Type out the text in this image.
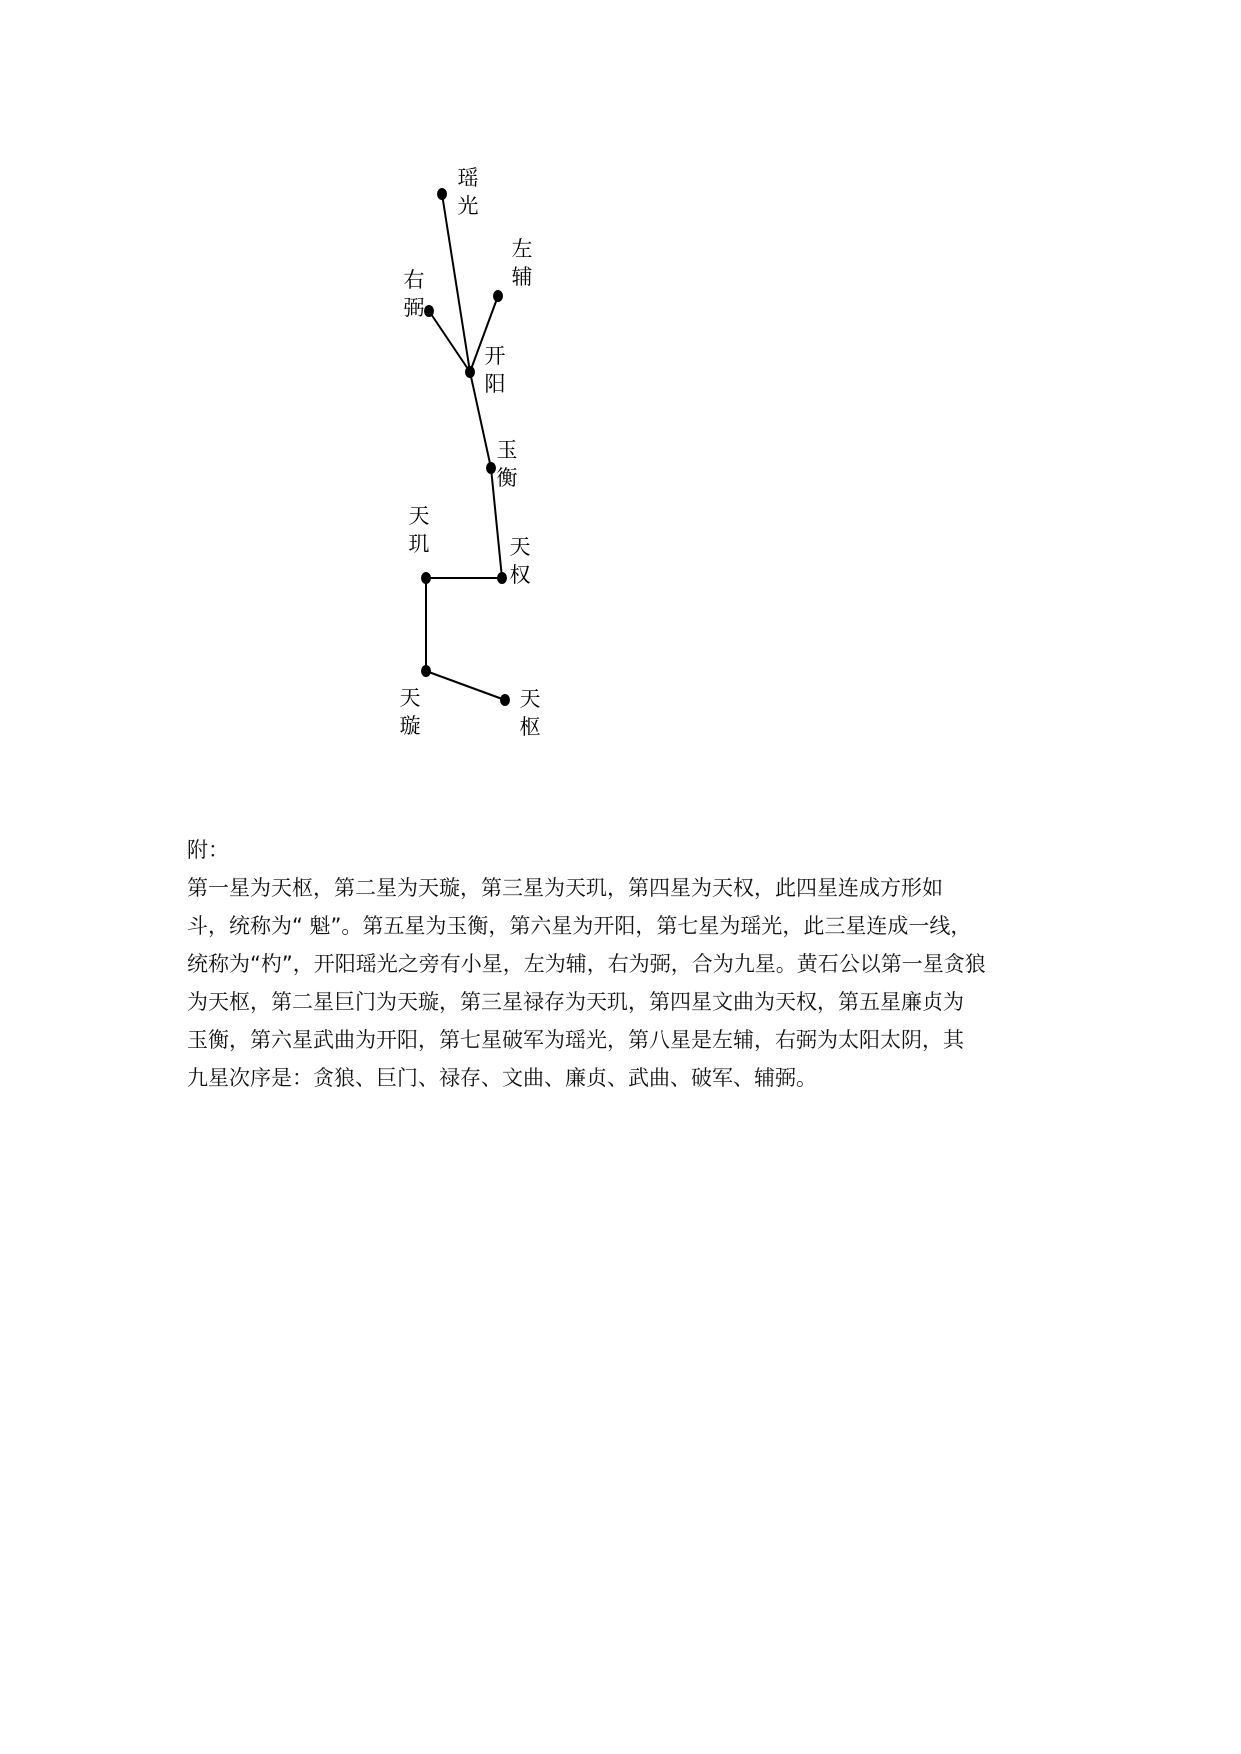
瑶光
左辅
右弼
开阳
玉衡
天玑	天权
天璇
天枢

附：

第一星为天枢，第二星为天璇，第三星为天玑，第四星为天权，此四星连成方形如
斗，统称为“ 魁”。第五星为玉衡，第六星为开阳，第七星为瑶光，此三星连成一线，
统称为“杓”，开阳瑶光之旁有小星，左为辅，右为弼，合为九星。黄石公以第一星贪狼
为天枢，第二星巨门为天璇，第三星禄存为天玑，第四星文曲为天权，第五星廉贞为
玉衡，第六星武曲为开阳，第七星破军为瑶光，第八星是左辅，右弼为太阳太阴，其
九星次序是：贪狼、巨门、禄存、文曲、廉贞、武曲、破军、辅弼。
